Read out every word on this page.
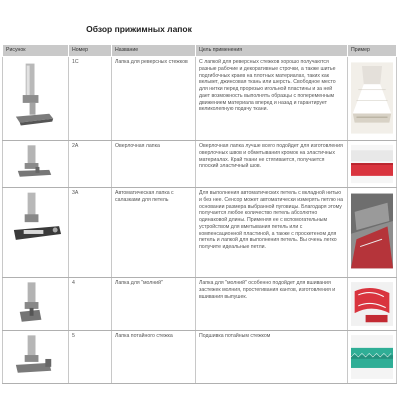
Обзор прижимных лапок
Рисунок	Номер	Название	Цель применения	Пример

	1C	Лапка для реверсных стежков	С лапкой для реверсных стежков хорошо получаются разные рабочие и декоративные строчки, а также шитье подгибочных краев на плотных материалах, таких как вельвет, джинсовая ткань или шерсть. Свободное место для нитки перед прорезью игольной пластины и за ней дает возможность выполнять образцы с попеременным движением материала вперед и назад и гарантирует великолепную подачу ткани.	

	2A	Оверлочная лапка	Оверлочная лапка лучше всего подойдет для изготовления оверлочных швов и обметывания кромок на эластичных материалах. Край ткани не стягивается, получается плоский эластичный шов.	

	3A	Автоматическая лапка с салазками для петель	Для выполнения автоматических петель с вкладной нитью и без нее. Сенсор может автоматически измерять петлю на основании размера выбранной пуговицы. Благодаря этому получается любое количество петель абсолютно одинаковой длины. Применяя ее с вспомогательным устройством для вметывания петель или с компенсационной пластиной, а также с проскетеном для петель и лапкой для выполнения петель. Вы очень легко получите идеальные петли.	

	4	Лапка для "молний"	Лапка для "молний" особенно подойдет для вшивания застежек молния, простегивания кантов, изготовления и вшивания выпушек.	

	5	Лапка потайного стежка	Подшивка потайным стежком	
